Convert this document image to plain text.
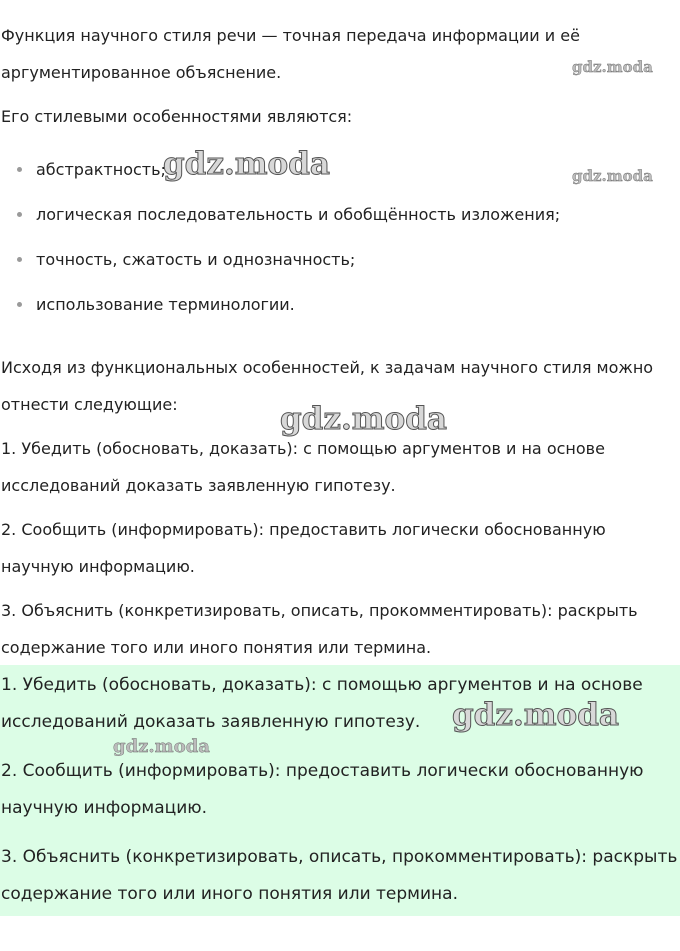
Функция научного стиля речи — точная передача информации и её аргументированное объяснение.

Его стилевыми особенностями являются:

абстрактность;
логическая последовательность и обобщённость изложения;
точность, сжатость и однозначность;
использование терминологии.

Исходя из функциональных особенностей, к задачам научного стиля можно отнести следующие:

1. Убедить (обосновать, доказать): с помощью аргументов и на основе исследований доказать заявленную гипотезу.

2. Сообщить (информировать): предоставить логически обоснованную научную информацию.

3. Объяснить (конкретизировать, описать, прокомментировать): раскрыть содержание того или иного понятия или термина.

1. Убедить (обосновать, доказать): с помощью аргументов и на основе исследований доказать заявленную гипотезу.

2. Сообщить (информировать): предоставить логически обоснованную научную информацию.

3. Объяснить (конкретизировать, описать, прокомментировать): раскрыть содержание того или иного понятия или термина.

gdz.moda
gdz.moda	gdz.moda
gdz.moda
gdz.moda
gdz.moda
